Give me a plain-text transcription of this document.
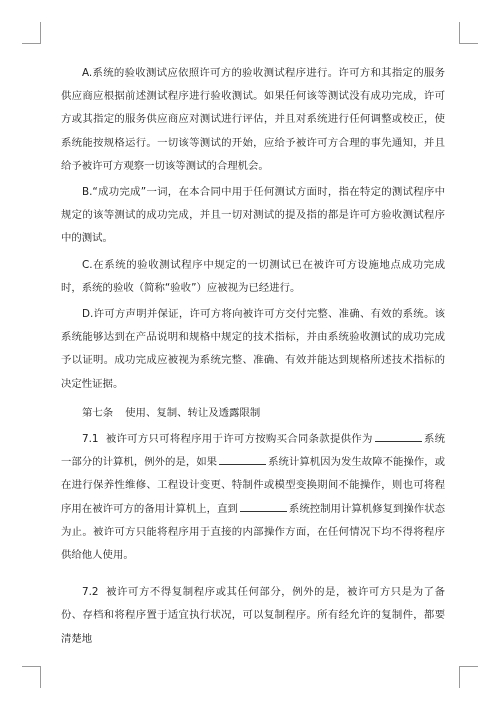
A.系统的验收测试应依照许可方的验收测试程序进行。许可方和其指定的服务供应商应根据前述测试程序进行验收测试。如果任何该等测试没有成功完成，许可方或其指定的服务供应商应对测试进行评估，并且对系统进行任何调整或校正，使系统能按规格运行。一切该等测试的开始，应给予被许可方合理的事先通知，并且给予被许可方观察一切该等测试的合理机会。

B.“成功完成”一词，在本合同中用于任何测试方面时，指在特定的测试程序中规定的该等测试的成功完成，并且一切对测试的提及指的都是许可方验收测试程序中的测试。

C.在系统的验收测试程序中规定的一切测试已在被许可方设施地点成功完成时，系统的验收（简称“验收”）应被视为已经进行。

D.许可方声明并保证，许可方将向被许可方交付完整、准确、有效的系统。该系统能够达到在产品说明和规格中规定的技术指标，并由系统验收测试的成功完成予以证明。成功完成应被视为系统完整、准确、有效并能达到规格所述技术指标的决定性证据。

第七条 使用、复制、转让及透露限制

7.1 被许可方只可将程序用于许可方按购买合同条款提供作为	系统一部分的计算机，例外的是，如果	系统计算机因为发生故障不能操作，或在进行保养性维修、工程设计变更、特制件或模型变换期间不能操作，则也可将程序用在被许可方的备用计算机上，直到	系统控制用计算机修复到操作状态为止。被许可方只能将程序用于直接的内部操作方面，在任何情况下均不得将程序供给他人使用。

7.2 被许可方不得复制程序或其任何部分，例外的是，被许可方只是为了备份、存档和将程序置于适宜执行状况，可以复制程序。所有经允许的复制件，都要清楚地
